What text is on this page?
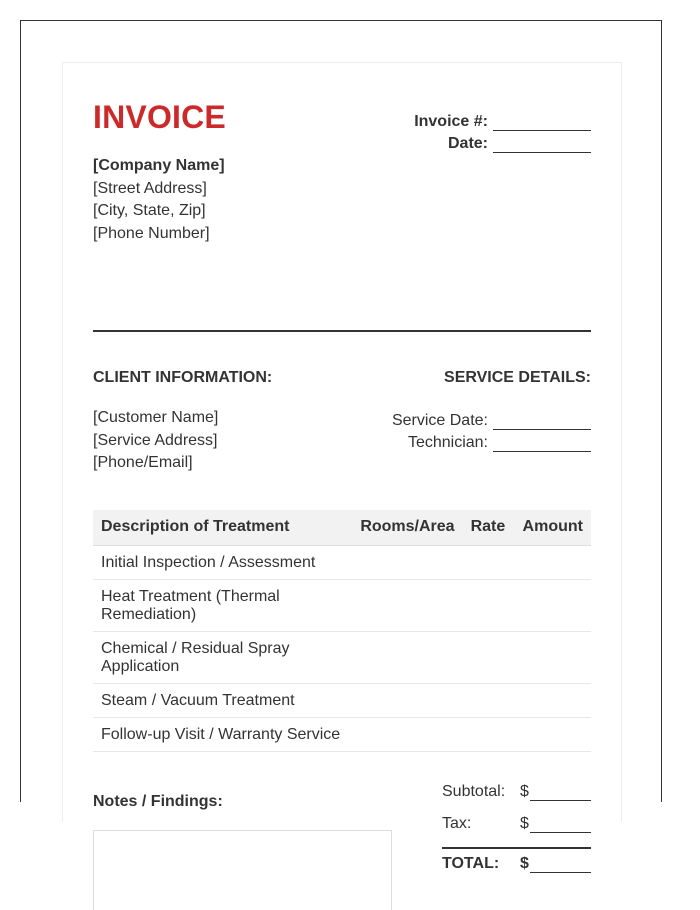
INVOICE	Invoice #:
Date:
[Company Name]
[Street Address]
[City, State, Zip]
[Phone Number]
CLIENT INFORMATION:	SERVICE DETAILS:
[Customer Name]
[Service Address]
[Phone/Email]
Service Date:
Technician:
Description of Treatment	Rooms/Area	Rate	Amount
Initial Inspection / Assessment			
Heat Treatment (Thermal Remediation)			
Chemical / Residual Spray Application			
Steam / Vacuum Treatment			
Follow-up Visit / Warranty Service			
Notes / Findings:
Subtotal: $
Tax:	$
TOTAL: $
